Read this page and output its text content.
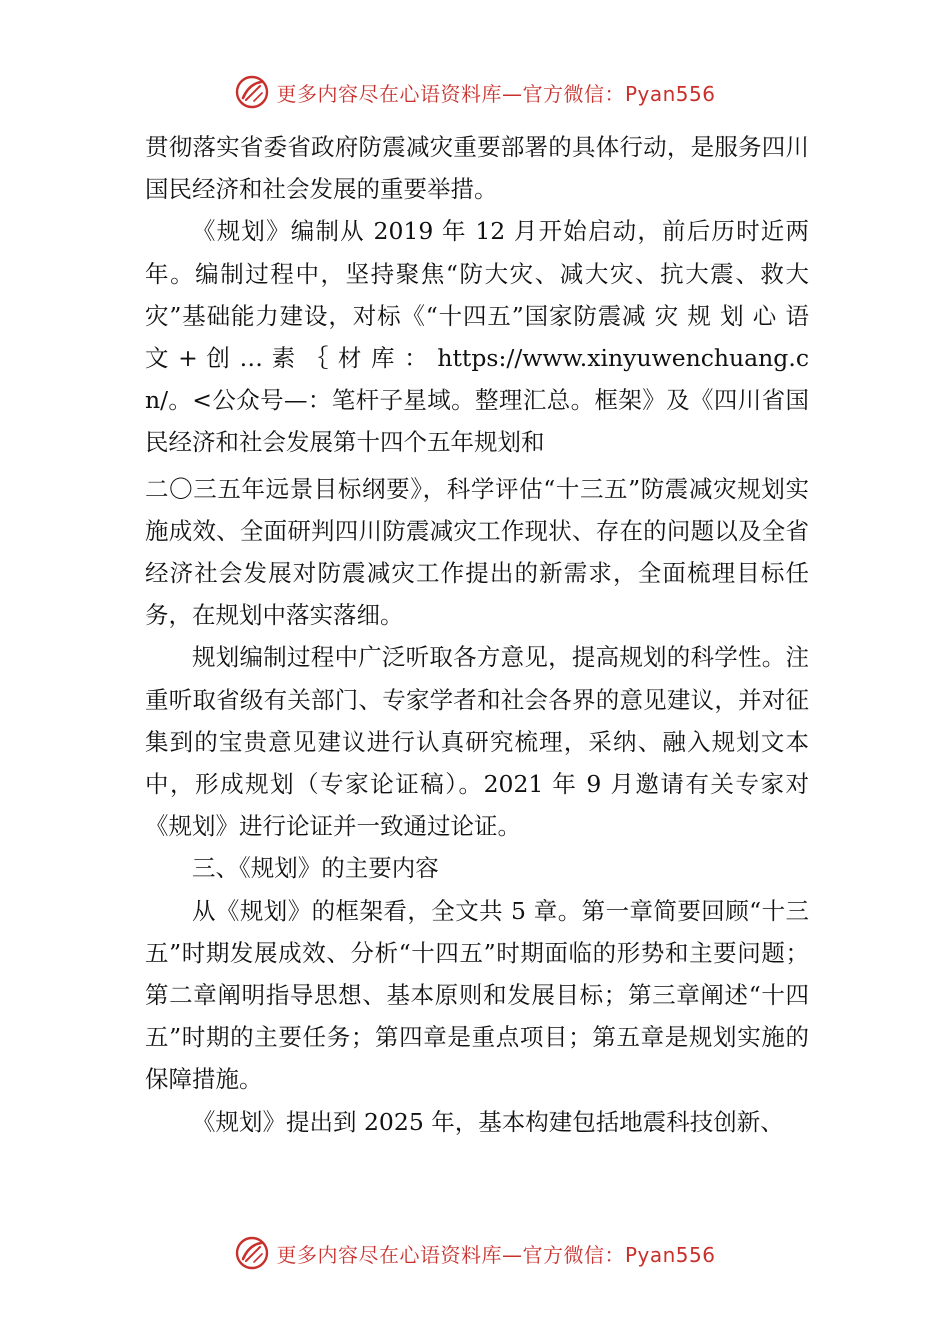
更多内容尽在心语资料库—官方微信：Pyan556

贯彻落实省委省政府防震减灾重要部署的具体行动，是服务四川国民经济和社会发展的重要举措。

《规划》编制从 2019 年 12 月开始启动，前后历时近两年。编制过程中，坚持聚焦“防大灾、减大灾、抗大震、救大灾”基础能力建设，对标《“十四五”国家防震减 灾 规 划 心 语 文 + 创 … 素 ｛ 材 库 ： https://www.xinyuwenchuang.cn/。<公众号—：笔杆子星域。整理汇总。框架》及《四川省国民经济和社会发展第十四个五年规划和

二〇三五年远景目标纲要》，科学评估“十三五”防震减灾规划实施成效、全面研判四川防震减灾工作现状、存在的问题以及全省经济社会发展对防震减灾工作提出的新需求，全面梳理目标任务，在规划中落实落细。

规划编制过程中广泛听取各方意见，提高规划的科学性。注重听取省级有关部门、专家学者和社会各界的意见建议，并对征集到的宝贵意见建议进行认真研究梳理，采纳、融入规划文本中，形成规划（专家论证稿）。2021 年 9 月邀请有关专家对《规划》进行论证并一致通过论证。

三、《规划》的主要内容

从《规划》的框架看，全文共 5 章。第一章简要回顾“十三五”时期发展成效、分析“十四五”时期面临的形势和主要问题；第二章阐明指导思想、基本原则和发展目标；第三章阐述“十四五”时期的主要任务；第四章是重点项目；第五章是规划实施的保障措施。

《规划》提出到 2025 年，基本构建包括地震科技创新、

更多内容尽在心语资料库—官方微信：Pyan556
